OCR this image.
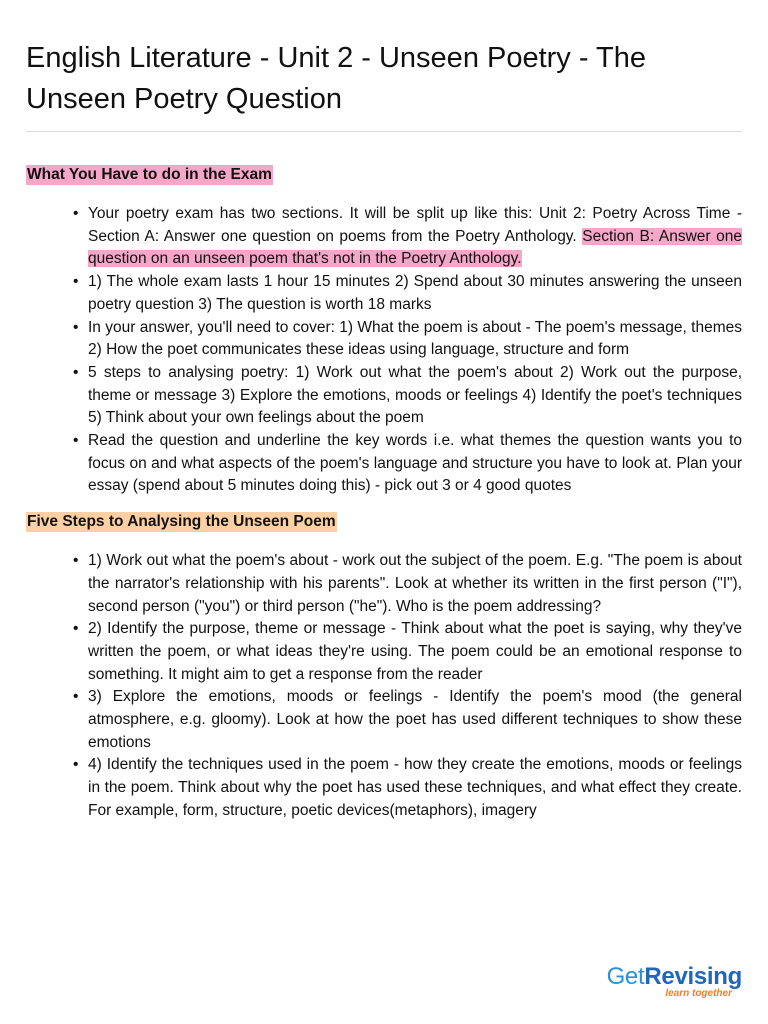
English Literature - Unit 2 - Unseen Poetry - The Unseen Poetry Question
What You Have to do in the Exam
• Your poetry exam has two sections. It will be split up like this: Unit 2: Poetry Across Time - Section A: Answer one question on poems from the Poetry Anthology. Section B: Answer one question on an unseen poem that's not in the Poetry Anthology.
• 1) The whole exam lasts 1 hour 15 minutes 2) Spend about 30 minutes answering the unseen poetry question 3) The question is worth 18 marks
• In your answer, you'll need to cover: 1) What the poem is about - The poem's message, themes 2) How the poet communicates these ideas using language, structure and form
• 5 steps to analysing poetry: 1) Work out what the poem's about 2) Work out the purpose, theme or message 3) Explore the emotions, moods or feelings 4) Identify the poet's techniques 5) Think about your own feelings about the poem
• Read the question and underline the key words i.e. what themes the question wants you to focus on and what aspects of the poem's language and structure you have to look at. Plan your essay (spend about 5 minutes doing this) - pick out 3 or 4 good quotes
Five Steps to Analysing the Unseen Poem
• 1) Work out what the poem's about - work out the subject of the poem. E.g. "The poem is about the narrator's relationship with his parents". Look at whether its written in the first person ("I"), second person ("you") or third person ("he"). Who is the poem addressing?
• 2) Identify the purpose, theme or message - Think about what the poet is saying, why they've written the poem, or what ideas they're using. The poem could be an emotional response to something. It might aim to get a response from the reader
• 3) Explore the emotions, moods or feelings - Identify the poem's mood (the general atmosphere, e.g. gloomy). Look at how the poet has used different techniques to show these emotions
• 4) Identify the techniques used in the poem - how they create the emotions, moods or feelings in the poem. Think about why the poet has used these techniques, and what effect they create. For example, form, structure, poetic devices(metaphors), imagery
GetRevising
learn together
